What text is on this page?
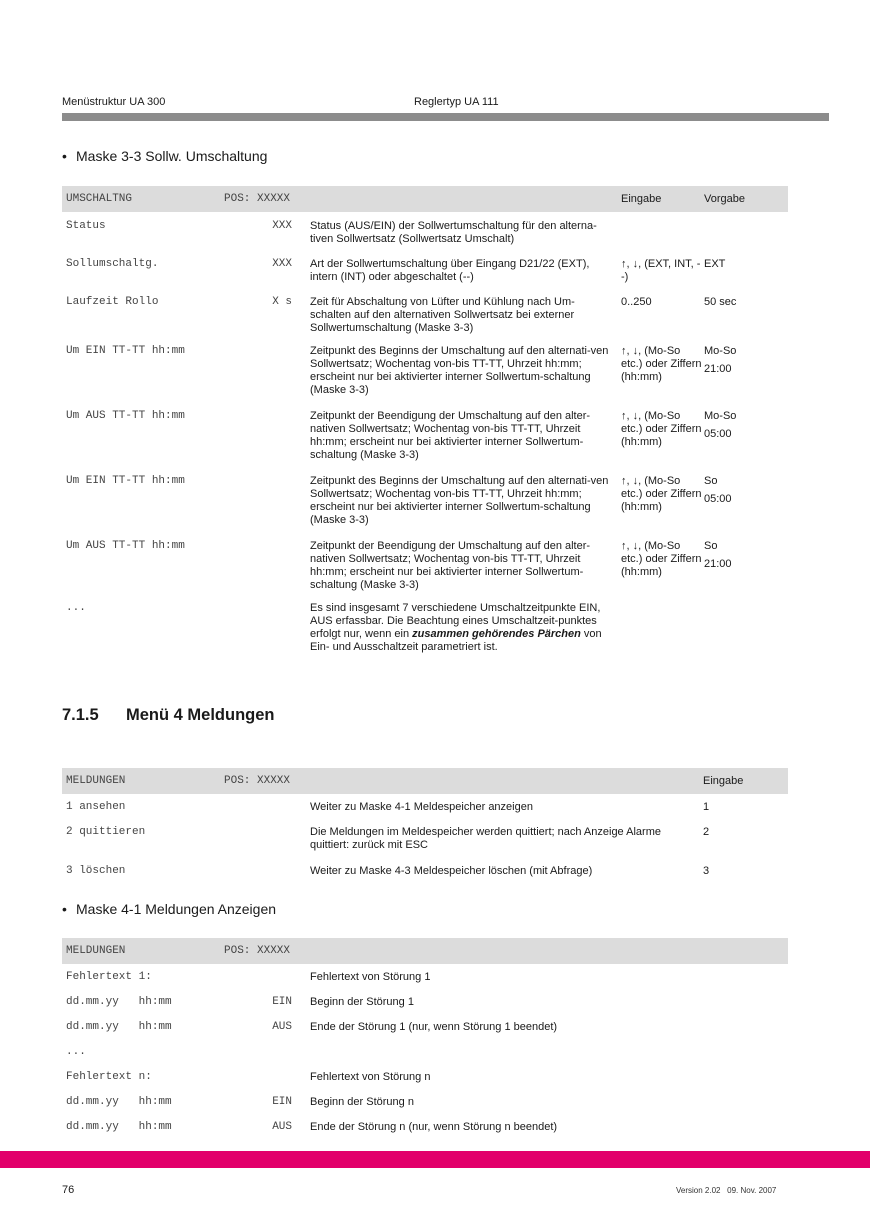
Menüstruktur UA 300	Reglertyp UA 111
• Maske 3-3 Sollw. Umschaltung
UMSCHALTNG	POS: XXXXX		Eingabe	Vorgabe
Status	XXX	Status (AUS/EIN) der Sollwertumschaltung für den alterna-tiven Sollwertsatz (Sollwertsatz Umschalt)		
Sollumschaltg.	XXX	Art der Sollwertumschaltung über Eingang D21/22 (EXT), intern (INT) oder abgeschaltet (--)	↑, ↓, (EXT, INT, --)	EXT
Laufzeit Rollo	X s	Zeit für Abschaltung von Lüfter und Kühlung nach Um-schalten auf den alternativen Sollwertsatz bei externer Sollwertumschaltung (Maske 3-3)	0..250	50 sec
Um EIN TT-TT hh:mm		Zeitpunkt des Beginns der Umschaltung auf den alternati-ven Sollwertsatz; Wochentag von-bis TT-TT, Uhrzeit hh:mm; erscheint nur bei aktivierter interner Sollwertum-schaltung (Maske 3-3)	↑, ↓, (Mo-So etc.) oder Ziffern (hh:mm)	Mo-So
21:00

Um AUS TT-TT hh:mm		Zeitpunkt der Beendigung der Umschaltung auf den alter-nativen Sollwertsatz; Wochentag von-bis TT-TT, Uhrzeit hh:mm; erscheint nur bei aktivierter interner Sollwertum-schaltung (Maske 3-3)	↑, ↓, (Mo-So etc.) oder Ziffern (hh:mm)	Mo-So
05:00

Um EIN TT-TT hh:mm		Zeitpunkt des Beginns der Umschaltung auf den alternati-ven Sollwertsatz; Wochentag von-bis TT-TT, Uhrzeit hh:mm; erscheint nur bei aktivierter interner Sollwertum-schaltung (Maske 3-3)	↑, ↓, (Mo-So etc.) oder Ziffern (hh:mm)	So
05:00

Um AUS TT-TT hh:mm		Zeitpunkt der Beendigung der Umschaltung auf den alter-nativen Sollwertsatz; Wochentag von-bis TT-TT, Uhrzeit hh:mm; erscheint nur bei aktivierter interner Sollwertum-schaltung (Maske 3-3)	↑, ↓, (Mo-So etc.) oder Ziffern (hh:mm)	So
21:00

...		Es sind insgesamt 7 verschiedene Umschaltzeitpunkte EIN, AUS erfassbar. Die Beachtung eines Umschaltzeit-punktes erfolgt nur, wenn ein zusammen gehörendes Pärchen von Ein- und Ausschaltzeit parametriert ist.		
7.1.5 Menü 4 Meldungen
MELDUNGEN	POS: XXXXX		Eingabe
1 ansehen		Weiter zu Maske 4-1 Meldespeicher anzeigen	1
2 quittieren		Die Meldungen im Meldespeicher werden quittiert; nach Anzeige Alarme quittiert: zurück mit ESC	2
3 löschen		Weiter zu Maske 4-3 Meldespeicher löschen (mit Abfrage)	3
• Maske 4-1 Meldungen Anzeigen
MELDUNGEN	POS: XXXXX	
Fehlertext 1:		Fehlertext von Störung 1
dd.mm.yy   hh:mm	EIN	Beginn der Störung 1
dd.mm.yy   hh:mm	AUS	Ende der Störung 1 (nur, wenn Störung 1 beendet)
...		
Fehlertext n:		Fehlertext von Störung n
dd.mm.yy   hh:mm	EIN	Beginn der Störung n
dd.mm.yy   hh:mm	AUS	Ende der Störung n (nur, wenn Störung n beendet)
76	Version 2.02   09. Nov. 2007
